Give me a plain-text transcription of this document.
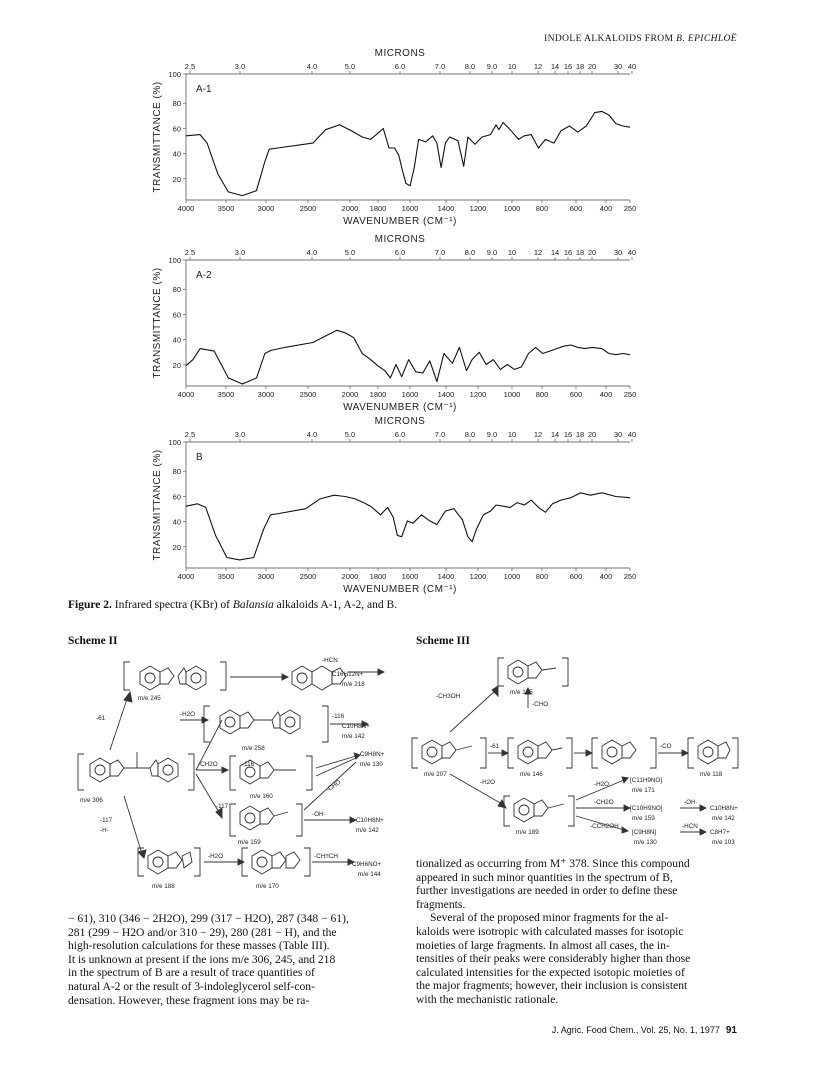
INDOLE ALKALOIDS FROM B. EPICHLOË
MICRONS
2.5	3.0	4.0	5.0	6.0	7.0	8.0 9.0 10 12 14 16 18 20 30 40
4000	3500	3000	2500	2000 1800 1600	1400 1200 1000 800	600 400 250
100
80
60
40
20
TRANSMITTANCE (%)
WAVENUMBER (CM⁻¹)
A-1
MICRONS
2.5	3.0	4.0	5.0	6.0	7.0	8.0 9.0 10 12 14 16 18 20 30 40
4000	3500	3000	2500	2000 1800 1600	1400 1200 1000 800	600 400 250
100
80
60
40
20
TRANSMITTANCE (%)
WAVENUMBER (CM⁻¹)
A-2
MICRONS
2.5	3.0	4.0	5.0	6.0	7.0	8.0 9.0 10 12 14 16 18 20 30 40
4000	3500	3000	2500	2000 1800 1600	1400 1200 1000 800	600 400 250
100
80
60
40
20
TRANSMITTANCE (%)
WAVENUMBER (CM⁻¹)
B
Figure 2. Infrared spectra (KBr) of Balansia alkaloids A-1, A-2, and B.
Scheme II	Scheme III
m/e 245
-HCN
C16H12N+
m/e 218
-H2O
m/e 258
-116
C10H8N+
m/e 142
-61
m/e 306
-CH2O	-116
m/e 160
C9H8N+
m/e 130
-CHO
-117
-H·
-117
-OH·
m/e 159
C10H8N+
m/e 142
-H2O	-CH≡CH
C9H6NO+
m/e 144
m/e 188	m/e 170
m/e 175
-CH3OH
-CHO
m/e 207
-61
m/e 146
-CO
m/e 118
-H2O	-H2O
[C11H9NO]
m/e 171
-CH2O
[C10H9NO]
m/e 159
-OH·
C10H8N+
m/e 142
-CCH2OH
[C9H8N]
m/e 130
-HCN
C8H7+
m/e 103
m/e 189

− 61), 310 (346 − 2H2O), 299 (317 − H2O), 287 (348 − 61),

281 (299 − H2O and/or 310 − 29), 280 (281 − H), and the

high-resolution calculations for these masses (Table III).

It is unknown at present if the ions m/e 306, 245, and 218

in the spectrum of B are a result of trace quantities of

natural A-2 or the result of 3-indoleglycerol self-con-

densation. However, these fragment ions may be ra-

tionalized as occurring from M⁺ 378. Since this compound

appeared in such minor quantities in the spectrum of B,

further investigations are needed in order to define these

fragments.

Several of the proposed minor fragments for the al-

kaloids were isotropic with calculated masses for isotopic

moieties of large fragments. In almost all cases, the in-

tensities of their peaks were considerably higher than those

calculated intensities for the expected isotopic moieties of

the major fragments; however, their inclusion is consistent

with the mechanistic rationale.

J. Agric. Food Chem., Vol. 25, No. 1, 1977 91
